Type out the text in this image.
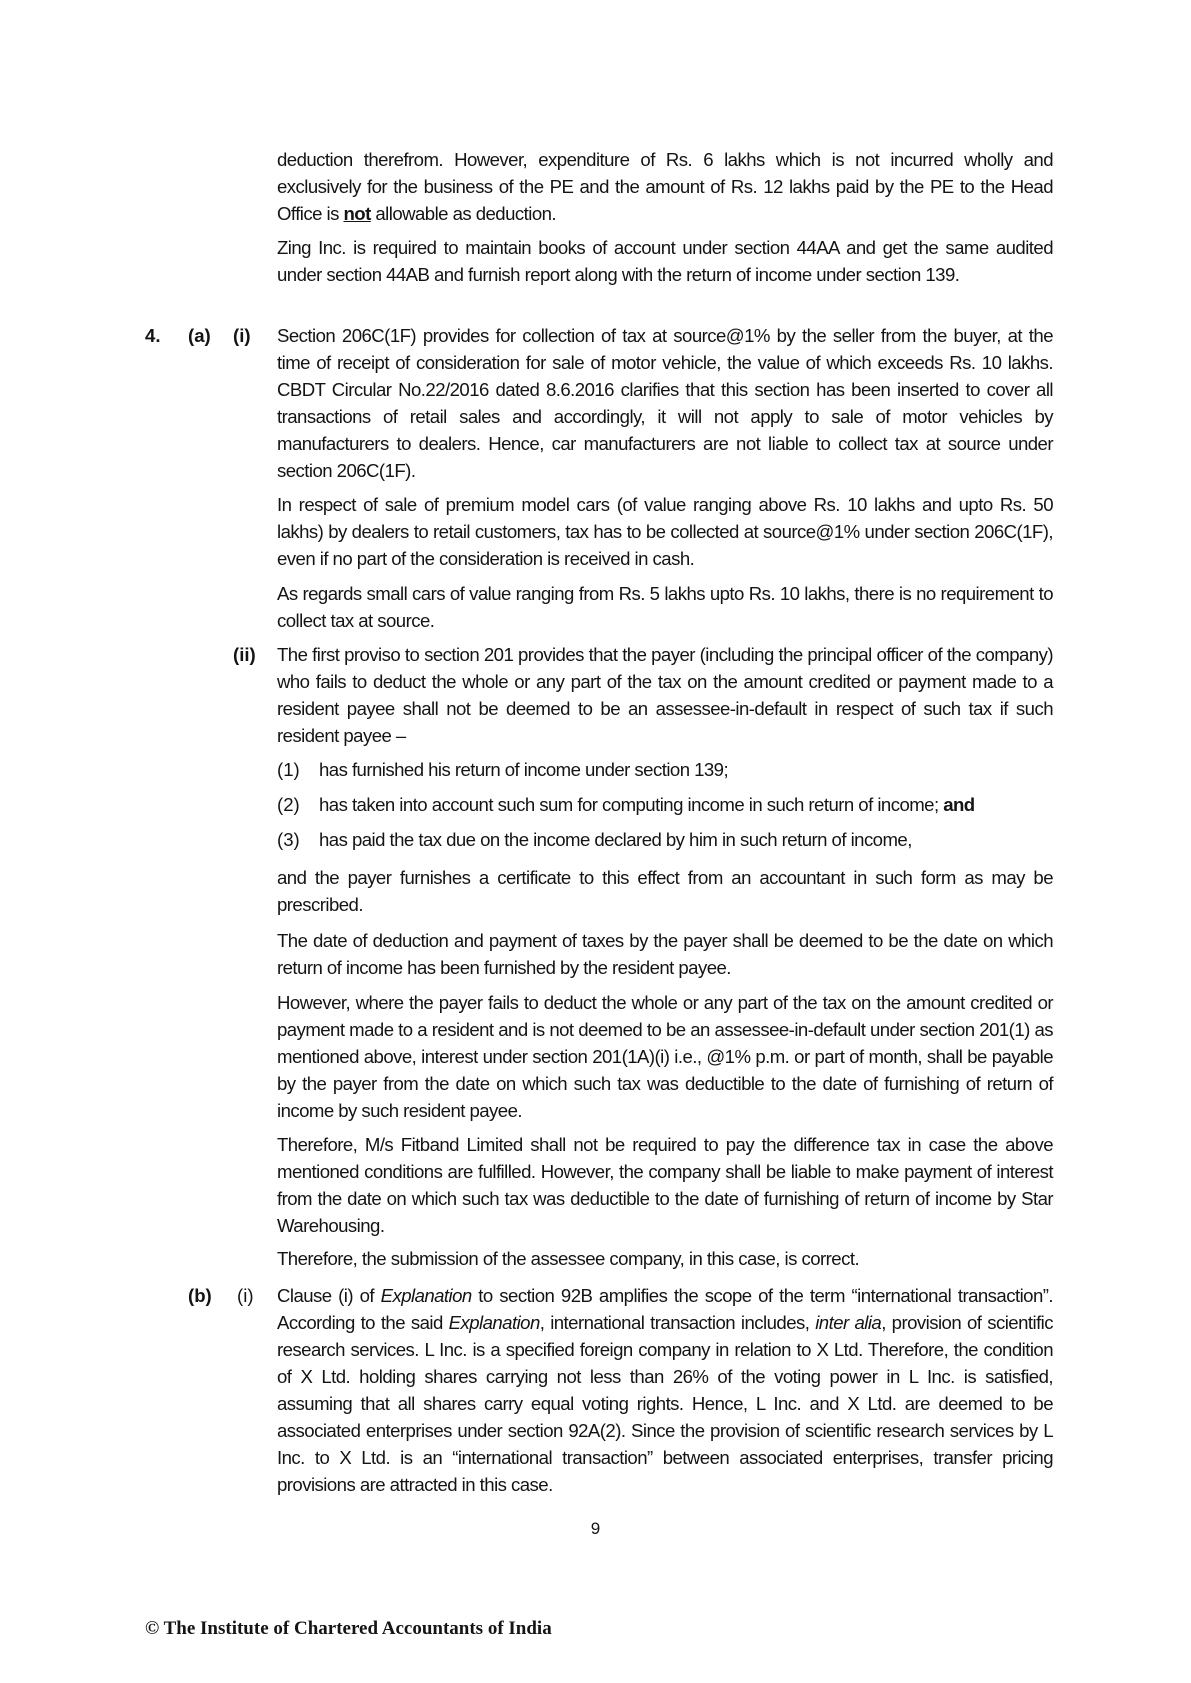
deduction therefrom. However, expenditure of Rs. 6 lakhs which is not incurred wholly and exclusively for the business of the PE and the amount of Rs. 12 lakhs paid by the PE to the Head Office is not allowable as deduction.

Zing Inc. is required to maintain books of account under section 44AA and get the same audited under section 44AB and furnish report along with the return of income under section 139.

4. (a) (i) Section 206C(1F) provides for collection of tax at source@1% by the seller from the buyer, at the time of receipt of consideration for sale of motor vehicle, the value of which exceeds Rs. 10 lakhs. CBDT Circular No.22/2016 dated 8.6.2016 clarifies that this section has been inserted to cover all transactions of retail sales and accordingly, it will not apply to sale of motor vehicles by manufacturers to dealers. Hence, car manufacturers are not liable to collect tax at source under section 206C(1F).

In respect of sale of premium model cars (of value ranging above Rs. 10 lakhs and upto Rs. 50 lakhs) by dealers to retail customers, tax has to be collected at source@1% under section 206C(1F), even if no part of the consideration is received in cash.

As regards small cars of value ranging from Rs. 5 lakhs upto Rs. 10 lakhs, there is no requirement to collect tax at source.

(ii) The first proviso to section 201 provides that the payer (including the principal officer of the company) who fails to deduct the whole or any part of the tax on the amount credited or payment made to a resident payee shall not be deemed to be an assessee-in-default in respect of such tax if such resident payee –

(1) has furnished his return of income under section 139;

(2) has taken into account such sum for computing income in such return of income; and

(3) has paid the tax due on the income declared by him in such return of income,

and the payer furnishes a certificate to this effect from an accountant in such form as may be prescribed.

The date of deduction and payment of taxes by the payer shall be deemed to be the date on which return of income has been furnished by the resident payee.

However, where the payer fails to deduct the whole or any part of the tax on the amount credited or payment made to a resident and is not deemed to be an assessee-in-default under section 201(1) as mentioned above, interest under section 201(1A)(i) i.e., @1% p.m. or part of month, shall be payable by the payer from the date on which such tax was deductible to the date of furnishing of return of income by such resident payee.

Therefore, M/s Fitband Limited shall not be required to pay the difference tax in case the above mentioned conditions are fulfilled. However, the company shall be liable to make payment of interest from the date on which such tax was deductible to the date of furnishing of return of income by Star Warehousing.

Therefore, the submission of the assessee company, in this case, is correct.

(b) (i) Clause (i) of Explanation to section 92B amplifies the scope of the term “international transaction”. According to the said Explanation, international transaction includes, inter alia, provision of scientific research services. L Inc. is a specified foreign company in relation to X Ltd. Therefore, the condition of X Ltd. holding shares carrying not less than 26% of the voting power in L Inc. is satisfied, assuming that all shares carry equal voting rights. Hence, L Inc. and X Ltd. are deemed to be associated enterprises under section 92A(2). Since the provision of scientific research services by L Inc. to X Ltd. is an “international transaction” between associated enterprises, transfer pricing provisions are attracted in this case.

9

© The Institute of Chartered Accountants of India
